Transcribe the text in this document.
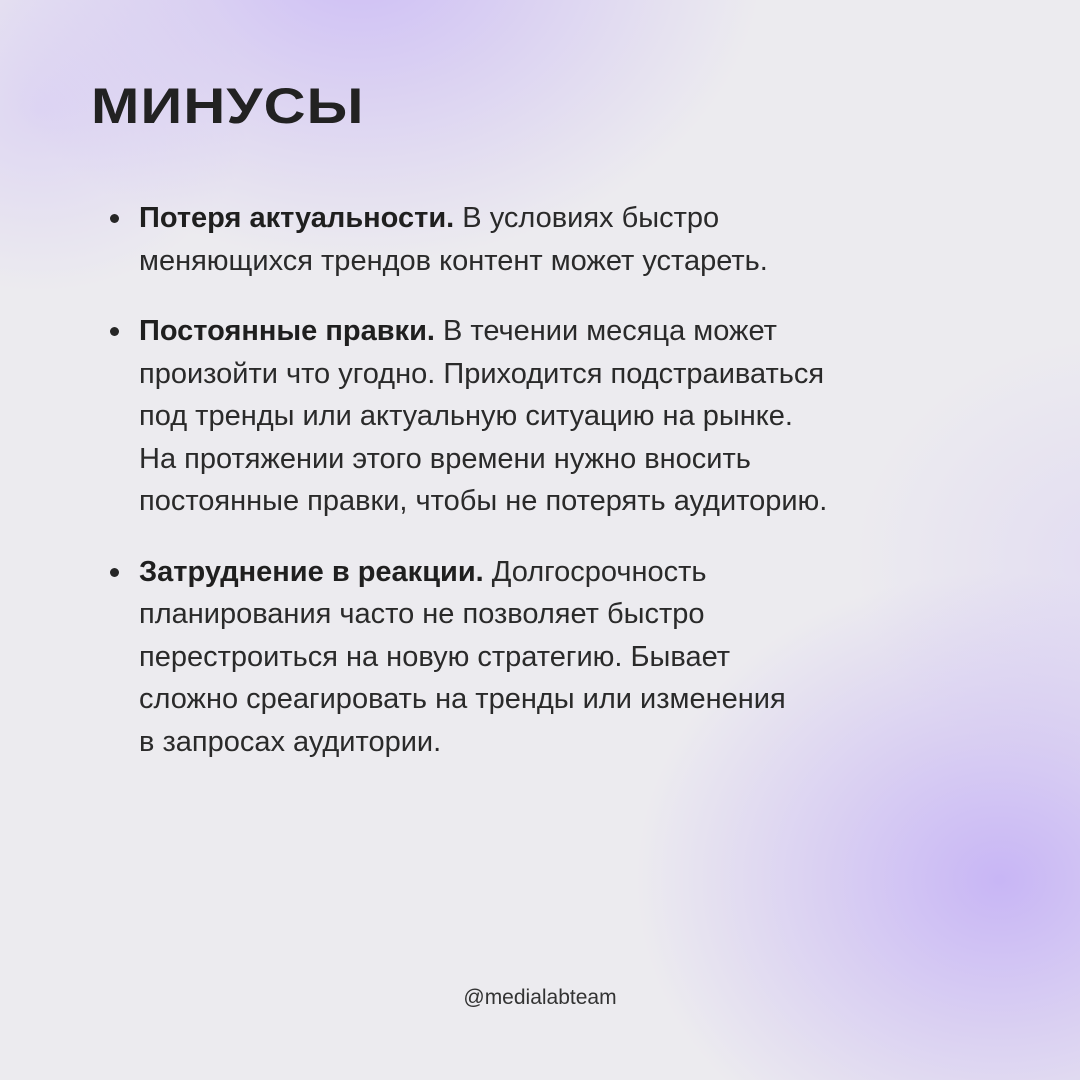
МИНУСЫ
Потеря актуальности. В условиях быстро
меняющихся трендов контент может устареть.
Постоянные правки. В течении месяца может
произойти что угодно. Приходится подстраиваться
под тренды или актуальную ситуацию на рынке.
На протяжении этого времени нужно вносить
постоянные правки, чтобы не потерять аудиторию.
Затруднение в реакции. Долгосрочность
планирования часто не позволяет быстро
перестроиться на новую стратегию. Бывает
сложно среагировать на тренды или изменения
в запросах аудитории.
@medialabteam
